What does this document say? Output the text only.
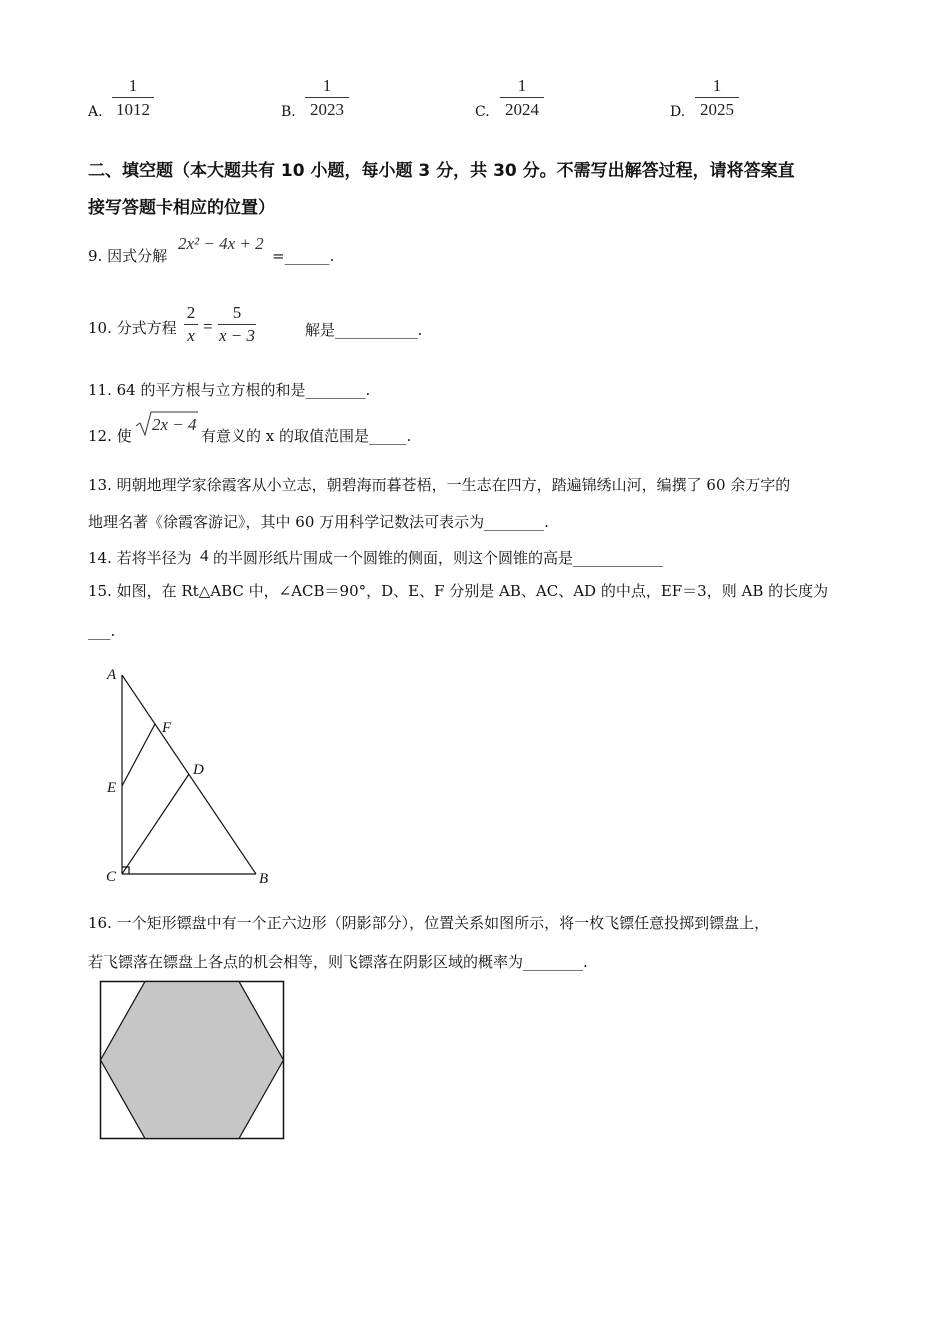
A.
1
1012	B.
1
2023	C.
1
2024	D.
1
2025
二、填空题（本大题共有 10 小题，每小题 3 分，共 30 分。不需写出解答过程，请将答案直
接写答题卡相应的位置）
9. 因式分解
2x² − 4x + 2
=______.
10. 分式方程
2
x =
5
x − 3	解是___________.
11. 64 的平方根与立方根的和是________.
12. 使
2x − 4
有意义的 x 的取值范围是_____.
13. 明朝地理学家徐霞客从小立志，朝碧海而暮苍梧，一生志在四方，踏遍锦绣山河，编撰了 60 余万字的
地理名著《徐霞客游记》，其中 60 万用科学记数法可表示为________.
14. 若将半径为 4 的半圆形纸片围成一个圆锥的侧面，则这个圆锥的高是____________
15. 如图，在 Rt△ABC 中，∠ACB＝90°，D、E、F 分别是 AB、AC、AD 的中点，EF＝3，则 AB 的长度为
___.
A
F
D
E
C	B
16. 一个矩形镖盘中有一个正六边形（阴影部分），位置关系如图所示，将一枚飞镖任意投掷到镖盘上，
若飞镖落在镖盘上各点的机会相等，则飞镖落在阴影区域的概率为________.
